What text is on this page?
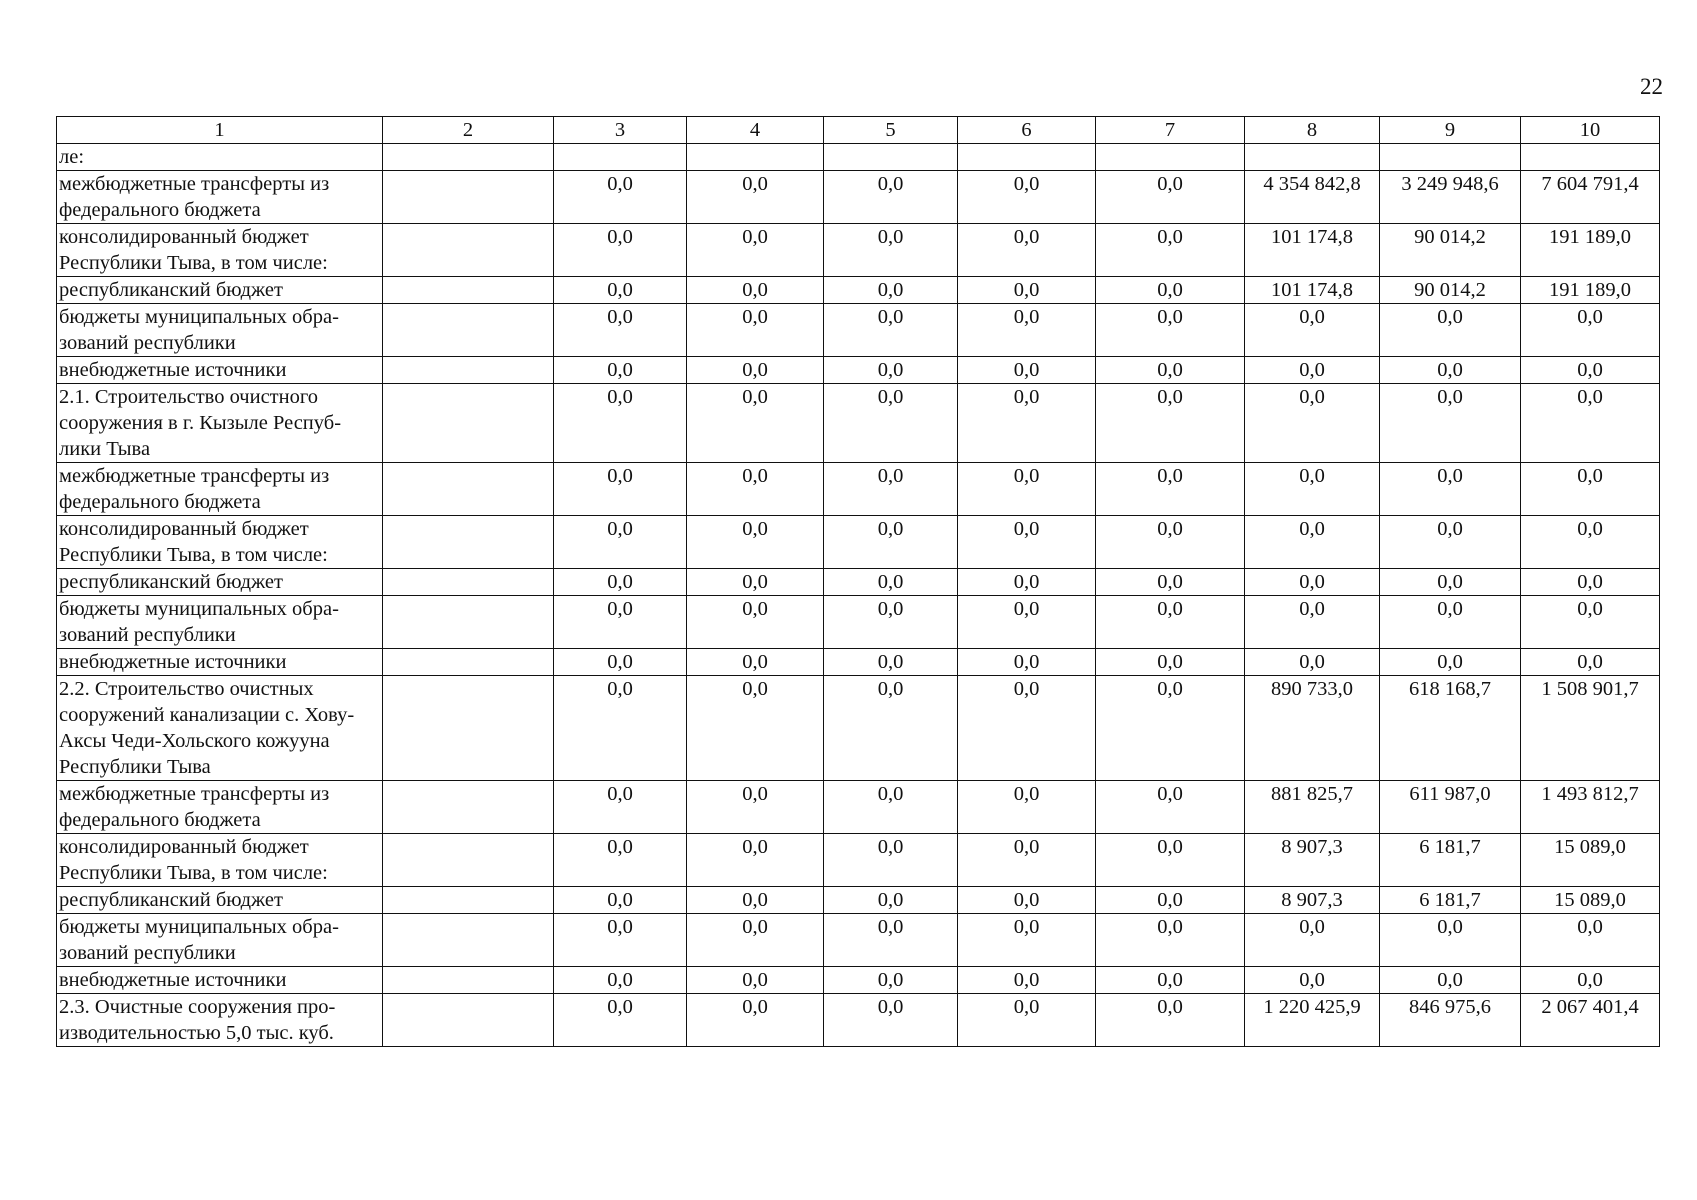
22
1	2	3	4	5	6	7	8	9	10
ле:									
межбюджетные трансферты из федерального бюджета		0,0	0,0	0,0	0,0	0,0	4 354 842,8	3 249 948,6	7 604 791,4
консолидированный бюджет Республики Тыва, в том числе:		0,0	0,0	0,0	0,0	0,0	101 174,8	90 014,2	191 189,0
республиканский бюджет		0,0	0,0	0,0	0,0	0,0	101 174,8	90 014,2	191 189,0
бюджеты муниципальных обра-зований республики		0,0	0,0	0,0	0,0	0,0	0,0	0,0	0,0
внебюджетные источники		0,0	0,0	0,0	0,0	0,0	0,0	0,0	0,0
2.1. Строительство очистного сооружения в г. Кызыле Респуб-лики Тыва		0,0	0,0	0,0	0,0	0,0	0,0	0,0	0,0
межбюджетные трансферты из федерального бюджета		0,0	0,0	0,0	0,0	0,0	0,0	0,0	0,0
консолидированный бюджет Республики Тыва, в том числе:		0,0	0,0	0,0	0,0	0,0	0,0	0,0	0,0
республиканский бюджет		0,0	0,0	0,0	0,0	0,0	0,0	0,0	0,0
бюджеты муниципальных обра-зований республики		0,0	0,0	0,0	0,0	0,0	0,0	0,0	0,0
внебюджетные источники		0,0	0,0	0,0	0,0	0,0	0,0	0,0	0,0
2.2. Строительство очистных сооружений канализации с. Хову-Аксы Чеди-Хольского кожууна Республики Тыва		0,0	0,0	0,0	0,0	0,0	890 733,0	618 168,7	1 508 901,7
межбюджетные трансферты из федерального бюджета		0,0	0,0	0,0	0,0	0,0	881 825,7	611 987,0	1 493 812,7
консолидированный бюджет Республики Тыва, в том числе:		0,0	0,0	0,0	0,0	0,0	8 907,3	6 181,7	15 089,0
республиканский бюджет		0,0	0,0	0,0	0,0	0,0	8 907,3	6 181,7	15 089,0
бюджеты муниципальных обра-зований республики		0,0	0,0	0,0	0,0	0,0	0,0	0,0	0,0
внебюджетные источники		0,0	0,0	0,0	0,0	0,0	0,0	0,0	0,0
2.3. Очистные сооружения про-изводительностью 5,0 тыс. куб.		0,0	0,0	0,0	0,0	0,0	1 220 425,9	846 975,6	2 067 401,4
